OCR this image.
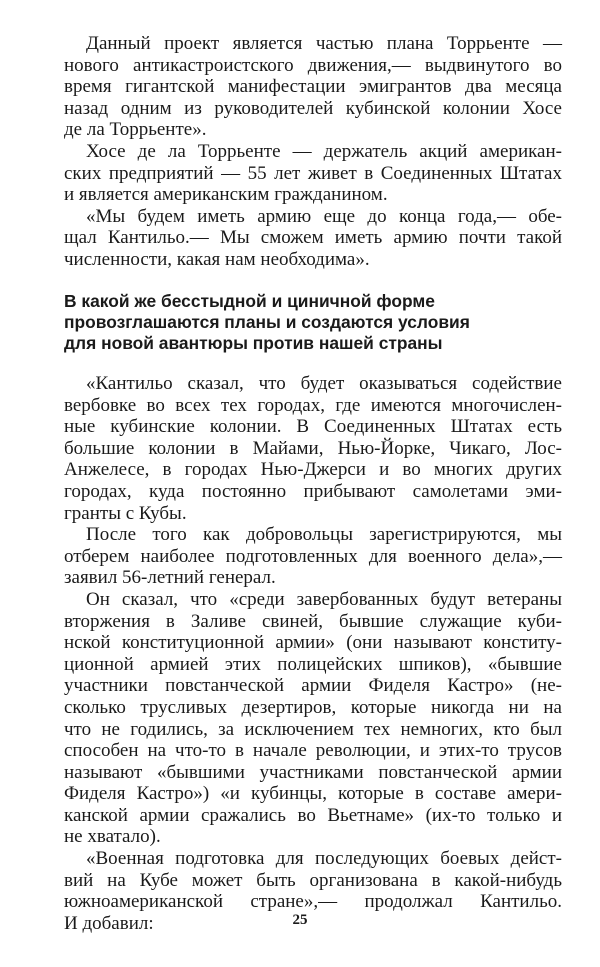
Данный проект является частью плана Торрьенте —
нового антикастроистского движения,— выдвинутого во
время гигантской манифестации эмигрантов два месяца
назад одним из руководителей кубинской колонии Хосе
де ла Торрьенте».
Хосе де ла Торрьенте — держатель акций американ-
ских предприятий — 55 лет живет в Соединенных Штатах
и является американским гражданином.
«Мы будем иметь армию еще до конца года,— обе-
щал Кантильо.— Мы сможем иметь армию почти такой
численности, какая нам необходима».
В какой же бесстыдной и циничной форме
провозглашаются планы и создаются условия
для новой авантюры против нашей страны
«Кантильо сказал, что будет оказываться содействие
вербовке во всех тех городах, где имеются многочислен-
ные кубинские колонии. В Соединенных Штатах есть
большие колонии в Майами, Нью-Йорке, Чикаго, Лос-
Анжелесе, в городах Нью-Джерси и во многих других
городах, куда постоянно прибывают самолетами эми-
гранты с Кубы.
После того как добровольцы зарегистрируются, мы
отберем наиболее подготовленных для военного дела»,—
заявил 56-летний генерал.
Он сказал, что «среди завербованных будут ветераны
вторжения в Заливе свиней, бывшие служащие куби-
нской конституционной армии» (они называют конститу-
ционной армией этих полицейских шпиков), «бывшие
участники повстанческой армии Фиделя Кастро» (не-
сколько трусливых дезертиров, которые никогда ни на
что не годились, за исключением тех немногих, кто был
способен на что-то в начале революции, и этих-то трусов
называют «бывшими участниками повстанческой армии
Фиделя Кастро») «и кубинцы, которые в составе амери-
канской армии сражались во Вьетнаме» (их-то только и
не хватало).
«Военная подготовка для последующих боевых дейст-
вий на Кубе может быть организована в какой-нибудь
южноамериканской стране»,— продолжал Кантильо.
И добавил:	25
